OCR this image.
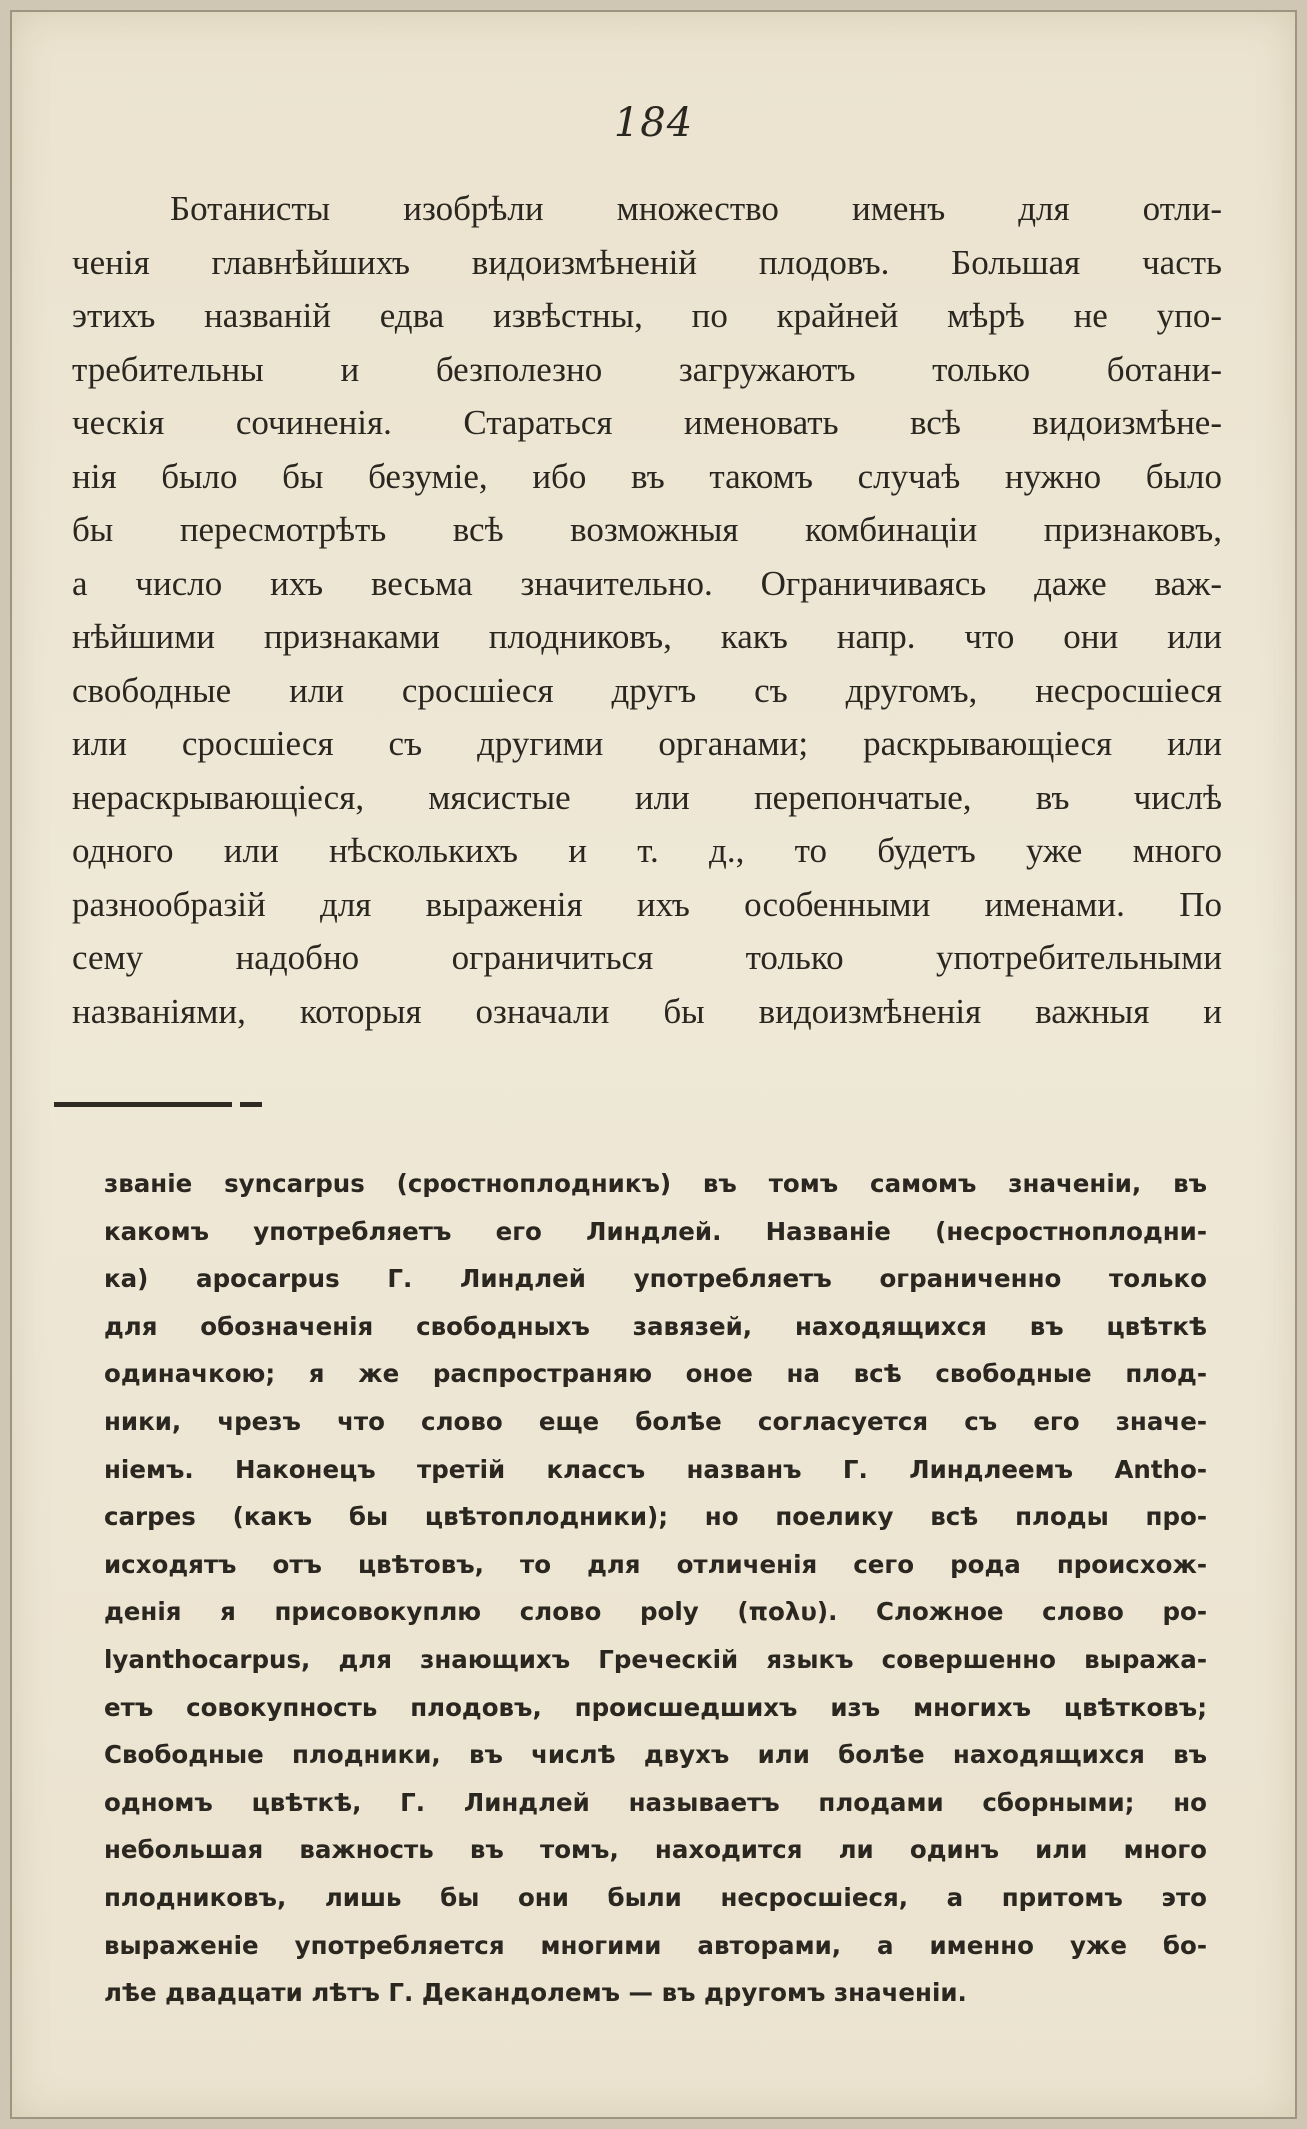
184
Ботанисты изобрѣли множество именъ для отли-
ченія главнѣйшихъ видоизмѣненій плодовъ. Большая часть
этихъ названій едва извѣстны, по крайней мѣрѣ не упо-
требительны и безполезно загружаютъ только ботани-
ческія сочиненія. Стараться именовать всѣ видоизмѣне-
нія было бы безуміе, ибо въ такомъ случаѣ нужно было
бы пересмотрѣть всѣ возможныя комбинаціи признаковъ,
а число ихъ весьма значительно. Ограничиваясь даже важ-
нѣйшими признаками плодниковъ, какъ напр. что они или
свободные или сросшіеся другъ съ другомъ, несросшіеся
или сросшіеся съ другими органами; раскрывающіеся или
нераскрывающіеся, мясистые или перепончатые, въ числѣ
одного или нѣсколькихъ и т. д., то будетъ уже много
разнообразій для выраженія ихъ особенными именами. По
сему надобно ограничиться только употребительными
названіями, которыя означали бы видоизмѣненія важныя и
званіе syncarpus (сростноплодникъ) въ томъ самомъ значеніи, въ
какомъ употребляетъ его Линдлей. Названіе (несростноплодни-
ка) apocarpus Г. Линдлей употребляетъ ограниченно только
для обозначенія свободныхъ завязей, находящихся въ цвѣткѣ
одиначкою; я же распространяю оное на всѣ свободные плод-
ники, чрезъ что слово еще болѣе согласуется съ его значе-
ніемъ. Наконецъ третій классъ названъ Г. Линдлеемъ Antho-
carpes (какъ бы цвѣтоплодники); но поелику всѣ плоды про-
исходятъ отъ цвѣтовъ, то для отличенія сего рода происхож-
денія я присовокуплю слово poly (πολυ). Сложное слово po-
lyanthocarpus, для знающихъ Греческій языкъ совершенно выража-
етъ совокупность плодовъ, происшедшихъ изъ многихъ цвѣтковъ;
Свободные плодники, въ числѣ двухъ или болѣе находящихся въ
одномъ цвѣткѣ, Г. Линдлей называетъ плодами сборными; но
небольшая важность въ томъ, находится ли одинъ или много
плодниковъ, лишь бы они были несросшіеся, а притомъ это
выраженіе употребляется многими авторами, а именно уже бо-
лѣе двадцати лѣтъ Г. Декандолемъ — въ другомъ значеніи.
